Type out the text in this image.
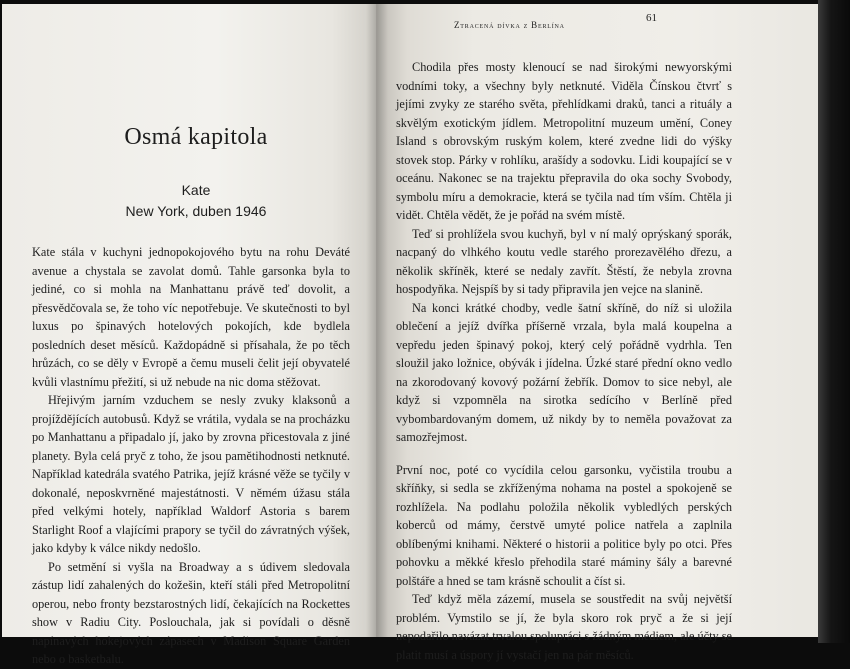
Osmá kapitola
Kate
New York, duben 1946

Kate stála v kuchyni jednopokojového bytu na rohu Deváté avenue a chystala se zavolat domů. Tahle garsonka byla to jediné, co si mohla na Manhattanu právě teď dovolit, a přesvědčovala se, že toho víc nepotřebuje. Ve skutečnosti to byl luxus po špinavých hotelových pokojích, kde bydlela posledních deset měsíců. Každopádně si přísahala, že po těch hrůzách, co se děly v Evropě a čemu museli čelit její obyvatelé kvůli vlastnímu přežití, si už nebude na nic doma stěžovat.

Hřejivým jarním vzduchem se nesly zvuky klaksonů a projíždějících autobusů. Když se vrátila, vydala se na procházku po Manhattanu a připadalo jí, jako by zrovna přicestovala z jiné planety. Byla celá pryč z toho, že jsou pamětihodnosti netknuté. Například katedrála svatého Patrika, jejíž krásné věže se tyčily v dokonalé, neposkvrněné majestátnosti. V němém úžasu stála před velkými hotely, například Waldorf Astoria s barem Starlight Roof a vlajícími prapory se tyčil do závratných výšek, jako kdyby k válce nikdy nedošlo.

Po setmění si vyšla na Broadway a s údivem sledovala zástup lidí zahalených do kožešin, kteří stáli před Metropolitní operou, nebo fronty bezstarostných lidí, čekajících na Rockettes show v Radiu City. Poslouchala, jak si povídali o děsně napínavých hokejových zápasech v Madison Square Garden nebo o basketbalu.

Ztracená dívka z Berlína
61

Chodila přes mosty klenoucí se nad širokými newyorskými vodními toky, a všechny byly netknuté. Viděla Čínskou čtvrť s jejími zvyky ze starého světa, přehlídkami draků, tanci a rituály a skvělým exotickým jídlem. Metropolitní muzeum umění, Coney Island s obrovským ruským kolem, které zvedne lidi do výšky stovek stop. Párky v rohlíku, arašídy a sodovku. Lidi koupající se v oceánu. Nakonec se na trajektu přepravila do oka sochy Svobody, symbolu míru a demokracie, která se tyčila nad tím vším. Chtěla ji vidět. Chtěla vědět, že je pořád na svém místě.

Teď si prohlížela svou kuchyň, byl v ní malý oprýskaný sporák, nacpaný do vlhkého koutu vedle starého prorezavělého dřezu, a několik skříněk, které se nedaly zavřít. Štěstí, že nebyla zrovna hospodyňka. Nejspíš by si tady připravila jen vejce na slanině.

Na konci krátké chodby, vedle šatní skříně, do níž si uložila oblečení a jejíž dvířka příšerně vrzala, byla malá koupelna a vepředu jeden špinavý pokoj, který celý pořádně vydrhla. Ten sloužil jako ložnice, obývák i jídelna. Úzké staré přední okno vedlo na zkorodovaný kovový požární žebřík. Domov to sice nebyl, ale když si vzpomněla na sirotka sedícího v Berlíně před vybombardovaným domem, už nikdy by to neměla považovat za samozřejmost.

První noc, poté co vycídila celou garsonku, vyčistila troubu a skříňky, si sedla se zkříženýma nohama na postel a spokojeně se rozhlížela. Na podlahu položila několik vybledlých perských koberců od mámy, čerstvě umyté police natřela a zaplnila oblíbenými knihami. Některé o historii a politice byly po otci. Přes pohovku a měkké křeslo přehodila staré máminy šály a barevné polštáře a hned se tam krásně schoulit a číst si.

Teď když měla zázemí, musela se soustředit na svůj největší problém. Vymstilo se jí, že byla skoro rok pryč a že si její nepodařilo navázat trvalou spolupráci s žádným médiem, ale účty se platit musí a úspory jí vystačí jen na pár měsíců.
